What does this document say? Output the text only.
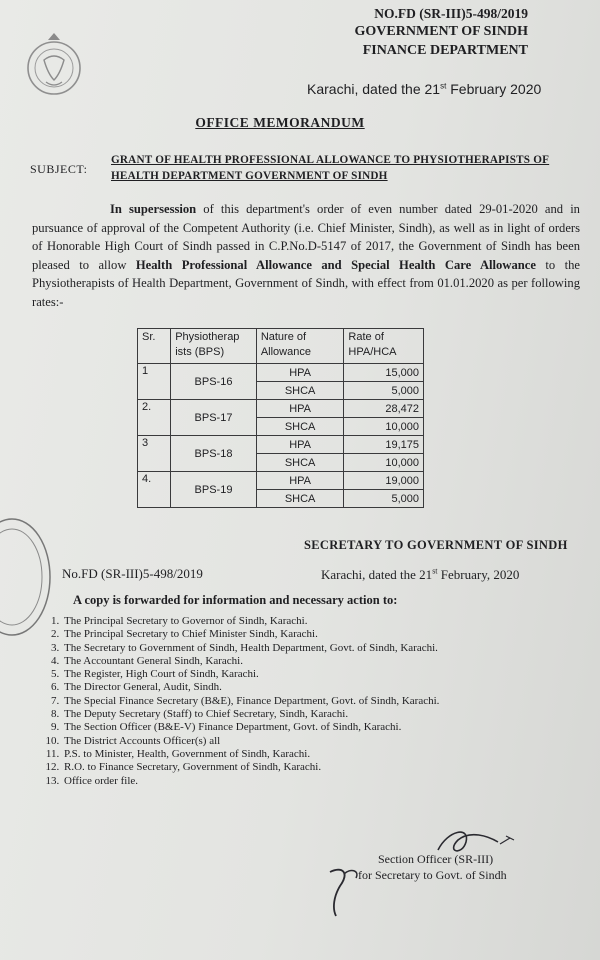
NO.FD (SR-III)5-498/2019
GOVERNMENT OF SINDH
FINANCE DEPARTMENT
Karachi, dated the 21st February 2020
OFFICE MEMORANDUM
SUBJECT:
GRANT OF HEALTH PROFESSIONAL ALLOWANCE TO PHYSIOTHERAPISTS OF HEALTH DEPARTMENT GOVERNMENT OF SINDH
In supersession of this department's order of even number dated 29-01-2020 and in pursuance of approval of the Competent Authority (i.e. Chief Minister, Sindh), as well as in light of orders of Honorable High Court of Sindh passed in C.P.No.D-5147 of 2017, the Government of Sindh has been pleased to allow Health Professional Allowance and Special Health Care Allowance to the Physiotherapists of Health Department, Government of Sindh, with effect from 01.01.2020 as per following rates:-
Sr.	Physiotherap ists (BPS)	Nature of Allowance	Rate of HPA/HCA
1	BPS-16	HPA	15,000
		SHCA	5,000
2.	BPS-17	HPA	28,472
		SHCA	10,000
3	BPS-18	HPA	19,175
		SHCA	10,000
4.	BPS-19	HPA	19,000
		SHCA	5,000
SECRETARY TO GOVERNMENT OF SINDH
No.FD (SR-III)5-498/2019	Karachi, dated the 21st February, 2020
A copy is forwarded for information and necessary action to:
1. The Principal Secretary to Governor of Sindh, Karachi.
2. The Principal Secretary to Chief Minister Sindh, Karachi.
3. The Secretary to Government of Sindh, Health Department, Govt. of Sindh, Karachi.
4. The Accountant General Sindh, Karachi.
5. The Register, High Court of Sindh, Karachi.
6. The Director General, Audit, Sindh.
7. The Special Finance Secretary (B&E), Finance Department, Govt. of Sindh, Karachi.
8. The Deputy Secretary (Staff) to Chief Secretary, Sindh, Karachi.
9. The Section Officer (B&E-V) Finance Department, Govt. of Sindh, Karachi.
10. The District Accounts Officer(s) all
11. P.S. to Minister, Health, Government of Sindh, Karachi.
12. R.O. to Finance Secretary, Government of Sindh, Karachi.
13. Office order file.
Section Officer (SR-III)
for Secretary to Govt. of Sindh
